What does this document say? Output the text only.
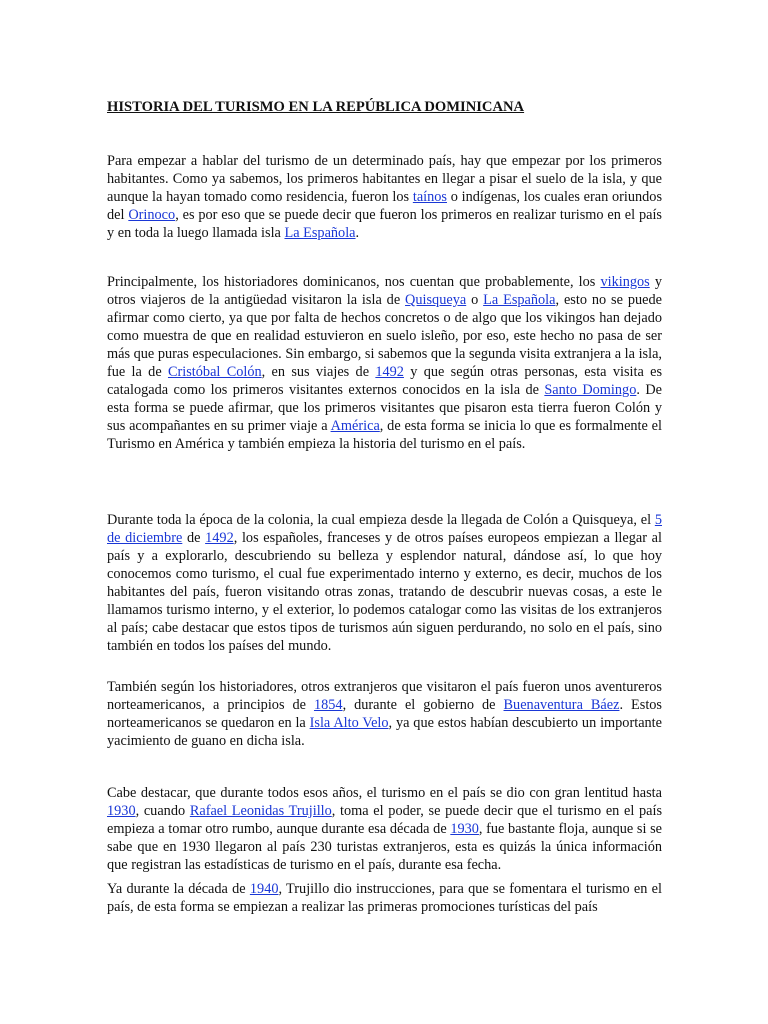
HISTORIA DEL TURISMO EN LA REPÚBLICA DOMINICANA

Para empezar a hablar del turismo de un determinado país, hay que empezar por los primeros habitantes. Como ya sabemos, los primeros habitantes en llegar a pisar el suelo de la isla, y que aunque la hayan tomado como residencia, fueron los taínos o indígenas, los cuales eran oriundos del Orinoco, es por eso que se puede decir que fueron los primeros en realizar turismo en el país y en toda la luego llamada isla La Española.

Principalmente, los historiadores dominicanos, nos cuentan que probablemente, los vikingos y otros viajeros de la antigüedad visitaron la isla de Quisqueya o La Española, esto no se puede afirmar como cierto, ya que por falta de hechos concretos o de algo que los vikingos han dejado como muestra de que en realidad estuvieron en suelo isleño, por eso, este hecho no pasa de ser más que puras especulaciones. Sin embargo, si sabemos que la segunda visita extranjera a la isla, fue la de Cristóbal Colón, en sus viajes de 1492 y que según otras personas, esta visita es catalogada como los primeros visitantes externos conocidos en la isla de Santo Domingo. De esta forma se puede afirmar, que los primeros visitantes que pisaron esta tierra fueron Colón y sus acompañantes en su primer viaje a América, de esta forma se inicia lo que es formalmente el Turismo en América y también empieza la historia del turismo en el país.

Durante toda la época de la colonia, la cual empieza desde la llegada de Colón a Quisqueya, el 5 de diciembre de 1492, los españoles, franceses y de otros países europeos empiezan a llegar al país y a explorarlo, descubriendo su belleza y esplendor natural, dándose así, lo que hoy conocemos como turismo, el cual fue experimentado interno y externo, es decir, muchos de los habitantes del país, fueron visitando otras zonas, tratando de descubrir nuevas cosas, a este le llamamos turismo interno, y el exterior, lo podemos catalogar como las visitas de los extranjeros al país; cabe destacar que estos tipos de turismos aún siguen perdurando, no solo en el país, sino también en todos los países del mundo.

También según los historiadores, otros extranjeros que visitaron el país fueron unos aventureros norteamericanos, a principios de 1854, durante el gobierno de Buenaventura Báez. Estos norteamericanos se quedaron en la Isla Alto Velo, ya que estos habían descubierto un importante yacimiento de guano en dicha isla.

Cabe destacar, que durante todos esos años, el turismo en el país se dio con gran lentitud hasta 1930, cuando Rafael Leonidas Trujillo, toma el poder, se puede decir que el turismo en el país empieza a tomar otro rumbo, aunque durante esa década de 1930, fue bastante floja, aunque si se sabe que en 1930 llegaron al país 230 turistas extranjeros, esta es quizás la única información que registran las estadísticas de turismo en el país, durante esa fecha.

Ya durante la década de 1940, Trujillo dio instrucciones, para que se fomentara el turismo en el país, de esta forma se empiezan a realizar las primeras promociones turísticas del país
